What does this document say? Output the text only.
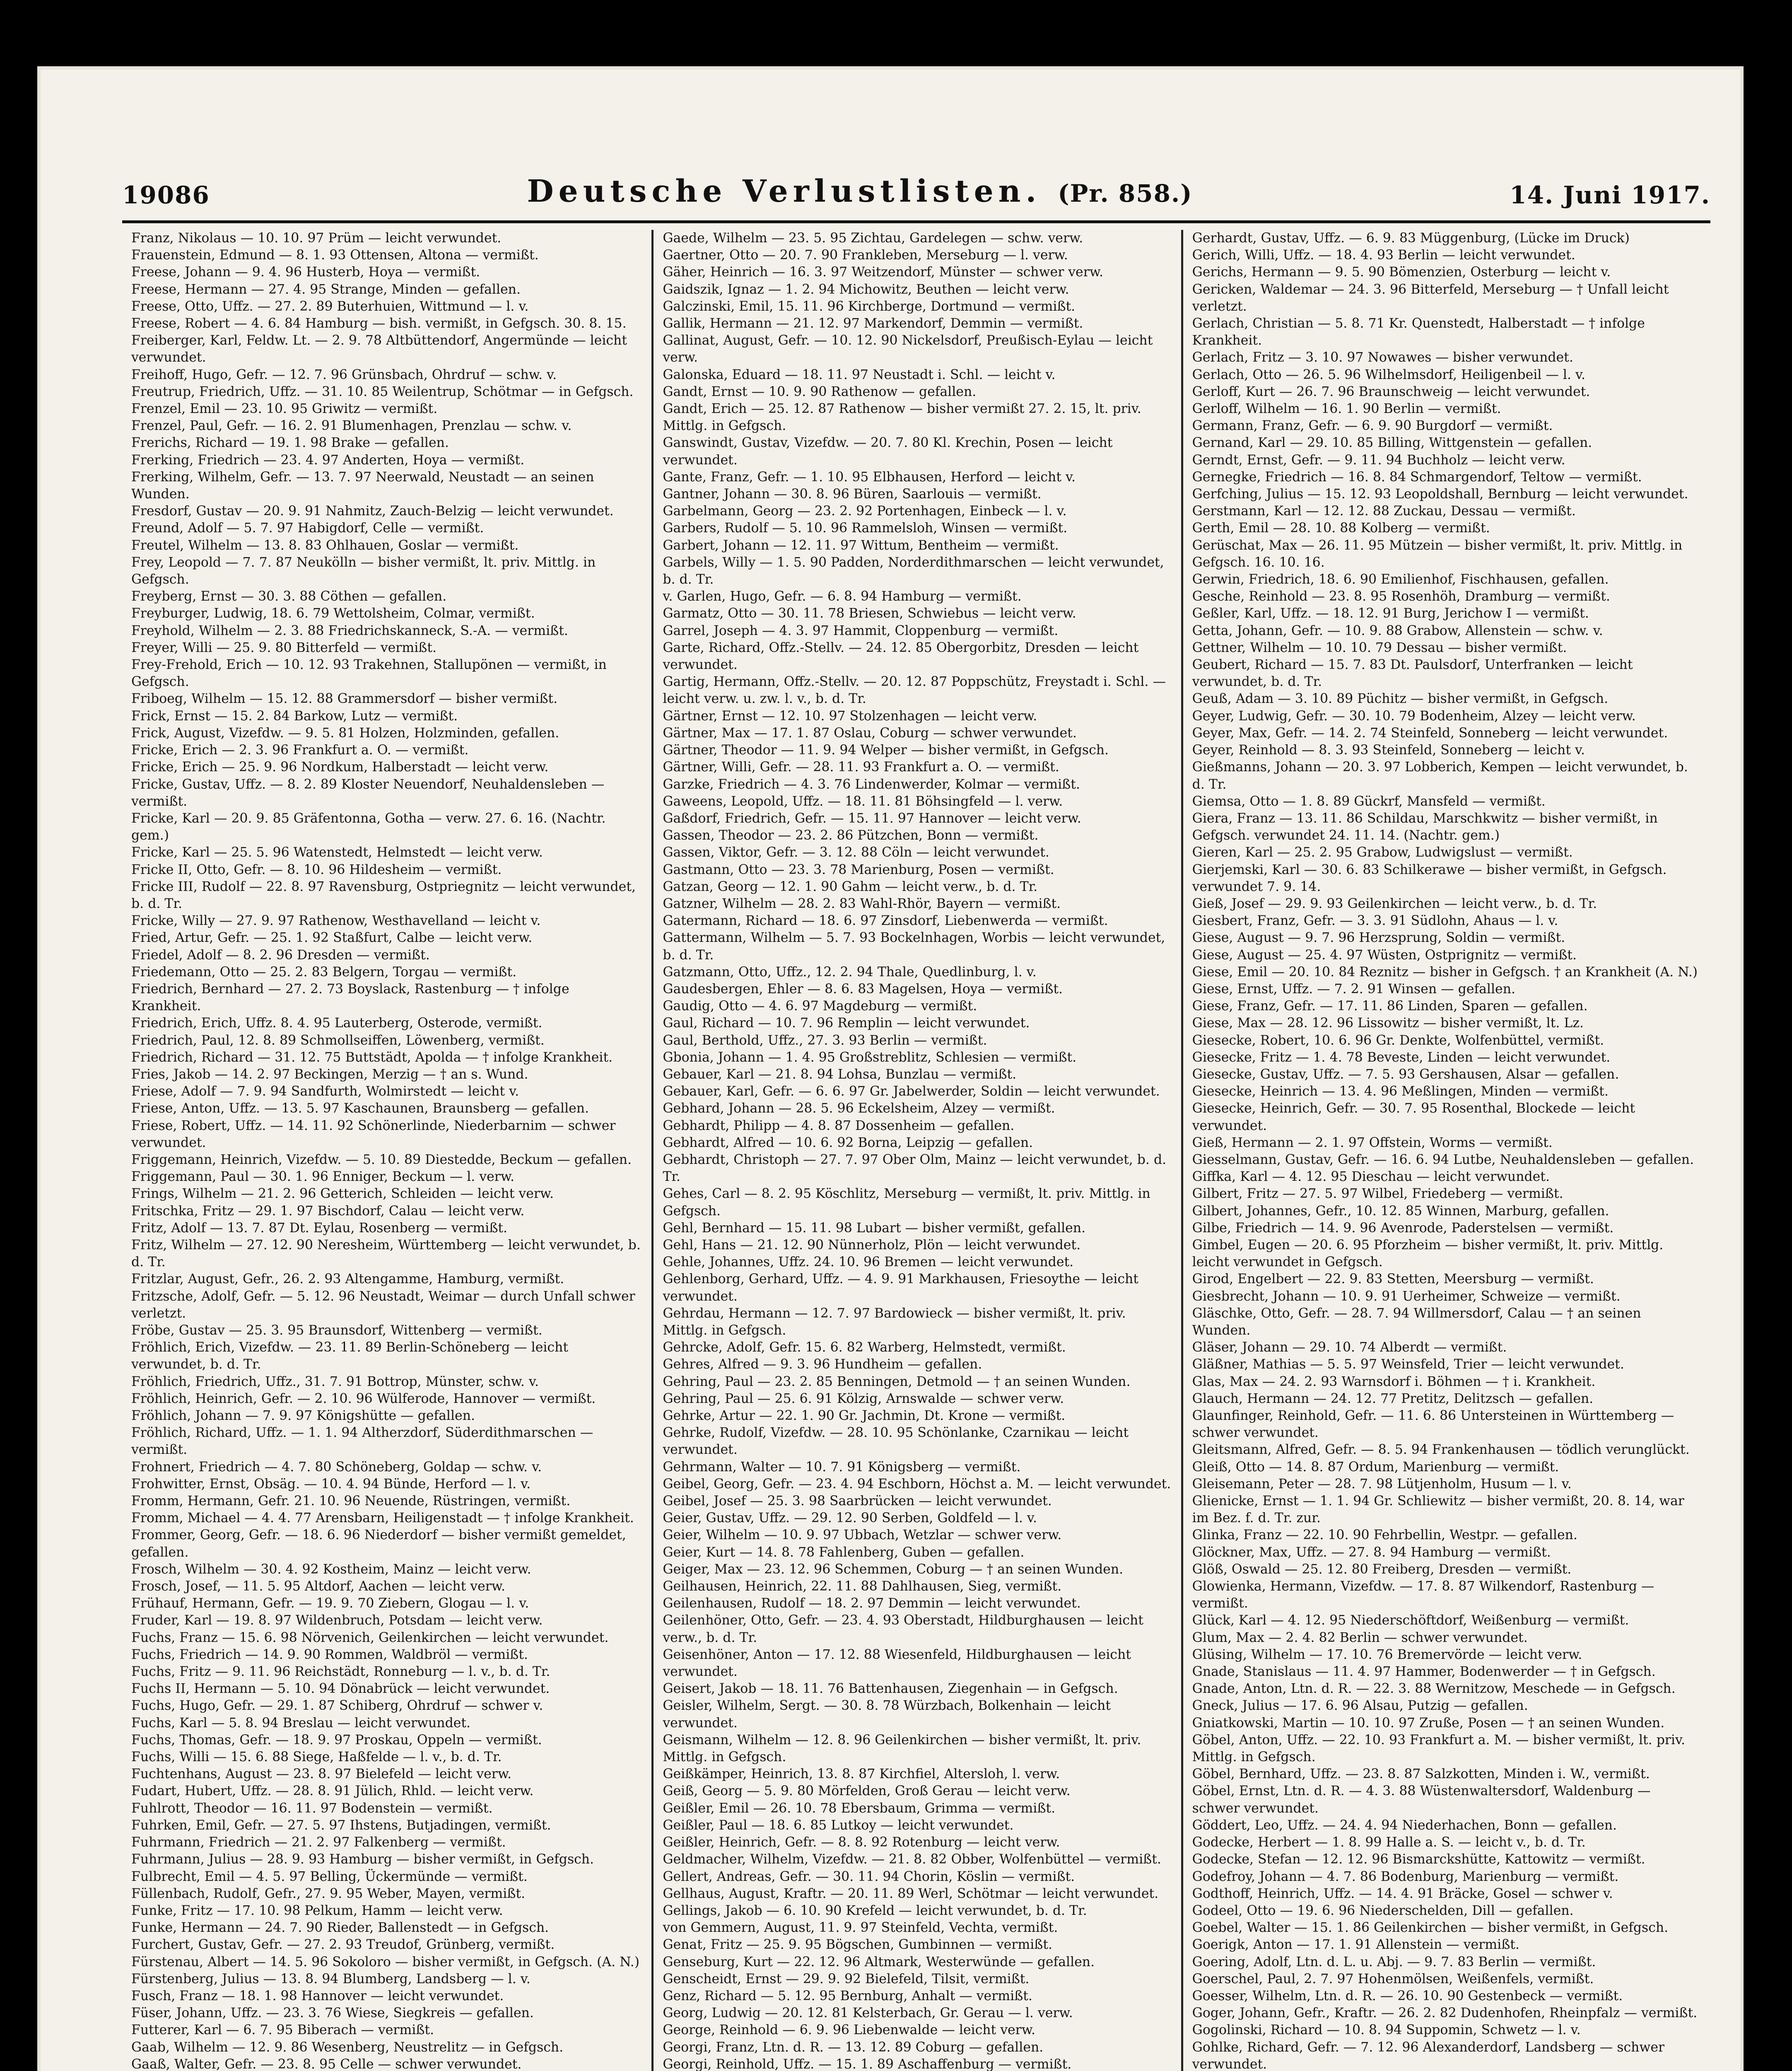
19086	Deutsche Verlustlisten. (Pr. 858.)	14. Juni 1917.
Franz, Nikolaus — 10. 10. 97 Prüm — leicht verwundet.
Frauenstein, Edmund — 8. 1. 93 Ottensen, Altona — vermißt.
Freese, Johann — 9. 4. 96 Husterb, Hoya — vermißt.
Freese, Hermann — 27. 4. 95 Strange, Minden — gefallen.
Freese, Otto, Uffz. — 27. 2. 89 Buterhuien, Wittmund — l. v.
Freese, Robert — 4. 6. 84 Hamburg — bish. vermißt, in Gefgsch. 30. 8. 15.
Freiberger, Karl, Feldw. Lt. — 2. 9. 78 Altbüttendorf, Angermünde — leicht verwundet.
Freihoff, Hugo, Gefr. — 12. 7. 96 Grünsbach, Ohrdruf — schw. v.
Freutrup, Friedrich, Uffz. — 31. 10. 85 Weilentrup, Schötmar — in Gefgsch.
Frenzel, Emil — 23. 10. 95 Griwitz — vermißt.
Frenzel, Paul, Gefr. — 16. 2. 91 Blumenhagen, Prenzlau — schw. v.
Frerichs, Richard — 19. 1. 98 Brake — gefallen.
Frerking, Friedrich — 23. 4. 97 Anderten, Hoya — vermißt.
Frerking, Wilhelm, Gefr. — 13. 7. 97 Neerwald, Neustadt — an seinen Wunden.
Fresdorf, Gustav — 20. 9. 91 Nahmitz, Zauch-Belzig — leicht verwundet.
Freund, Adolf — 5. 7. 97 Habigdorf, Celle — vermißt.
Freutel, Wilhelm — 13. 8. 83 Ohlhauen, Goslar — vermißt.
Frey, Leopold — 7. 7. 87 Neukölln — bisher vermißt, lt. priv. Mittlg. in Gefgsch.
Freyberg, Ernst — 30. 3. 88 Cöthen — gefallen.
Freyburger, Ludwig, 18. 6. 79 Wettolsheim, Colmar, vermißt.
Freyhold, Wilhelm — 2. 3. 88 Friedrichskanneck, S.-A. — vermißt.
Freyer, Willi — 25. 9. 80 Bitterfeld — vermißt.
Frey-Frehold, Erich — 10. 12. 93 Trakehnen, Stallupönen — vermißt, in Gefgsch.
Friboeg, Wilhelm — 15. 12. 88 Grammersdorf — bisher vermißt.
Frick, Ernst — 15. 2. 84 Barkow, Lutz — vermißt.
Frick, August, Vizefdw. — 9. 5. 81 Holzen, Holzminden, gefallen.
Fricke, Erich — 2. 3. 96 Frankfurt a. O. — vermißt.
Fricke, Erich — 25. 9. 96 Nordkum, Halberstadt — leicht verw.
Fricke, Gustav, Uffz. — 8. 2. 89 Kloster Neuendorf, Neuhaldensleben — vermißt.
Fricke, Karl — 20. 9. 85 Gräfentonna, Gotha — verw. 27. 6. 16. (Nachtr. gem.)
Fricke, Karl — 25. 5. 96 Watenstedt, Helmstedt — leicht verw.
Fricke II, Otto, Gefr. — 8. 10. 96 Hildesheim — vermißt.
Fricke III, Rudolf — 22. 8. 97 Ravensburg, Ostpriegnitz — leicht verwundet, b. d. Tr.
Fricke, Willy — 27. 9. 97 Rathenow, Westhavelland — leicht v.
Fried, Artur, Gefr. — 25. 1. 92 Staßfurt, Calbe — leicht verw.
Friedel, Adolf — 8. 2. 96 Dresden — vermißt.
Friedemann, Otto — 25. 2. 83 Belgern, Torgau — vermißt.
Friedrich, Bernhard — 27. 2. 73 Boyslack, Rastenburg — † infolge Krankheit.
Friedrich, Erich, Uffz. 8. 4. 95 Lauterberg, Osterode, vermißt.
Friedrich, Paul, 12. 8. 89 Schmollseiffen, Löwenberg, vermißt.
Friedrich, Richard — 31. 12. 75 Buttstädt, Apolda — † infolge Krankheit.
Fries, Jakob — 14. 2. 97 Beckingen, Merzig — † an s. Wund.
Friese, Adolf — 7. 9. 94 Sandfurth, Wolmirstedt — leicht v.
Friese, Anton, Uffz. — 13. 5. 97 Kaschaunen, Braunsberg — gefallen.
Friese, Robert, Uffz. — 14. 11. 92 Schönerlinde, Niederbarnim — schwer verwundet.
Friggemann, Heinrich, Vizefdw. — 5. 10. 89 Diestedde, Beckum — gefallen.
Friggemann, Paul — 30. 1. 96 Enniger, Beckum — l. verw.
Frings, Wilhelm — 21. 2. 96 Getterich, Schleiden — leicht verw.
Fritschka, Fritz — 29. 1. 97 Bischdorf, Calau — leicht verw.
Fritz, Adolf — 13. 7. 87 Dt. Eylau, Rosenberg — vermißt.
Fritz, Wilhelm — 27. 12. 90 Neresheim, Württemberg — leicht verwundet, b. d. Tr.
Fritzlar, August, Gefr., 26. 2. 93 Altengamme, Hamburg, vermißt.
Fritzsche, Adolf, Gefr. — 5. 12. 96 Neustadt, Weimar — durch Unfall schwer verletzt.
Fröbe, Gustav — 25. 3. 95 Braunsdorf, Wittenberg — vermißt.
Fröhlich, Erich, Vizefdw. — 23. 11. 89 Berlin-Schöneberg — leicht verwundet, b. d. Tr.
Fröhlich, Friedrich, Uffz., 31. 7. 91 Bottrop, Münster, schw. v.
Fröhlich, Heinrich, Gefr. — 2. 10. 96 Wülferode, Hannover — vermißt.
Fröhlich, Johann — 7. 9. 97 Königshütte — gefallen.
Fröhlich, Richard, Uffz. — 1. 1. 94 Altherzdorf, Süderdithmarschen — vermißt.
Frohnert, Friedrich — 4. 7. 80 Schöneberg, Goldap — schw. v.
Frohwitter, Ernst, Obsäg. — 10. 4. 94 Bünde, Herford — l. v.
Fromm, Hermann, Gefr. 21. 10. 96 Neuende, Rüstringen, vermißt.
Fromm, Michael — 4. 4. 77 Arensbarn, Heiligenstadt — † infolge Krankheit.
Frommer, Georg, Gefr. — 18. 6. 96 Niederdorf — bisher vermißt gemeldet, gefallen.
Frosch, Wilhelm — 30. 4. 92 Kostheim, Mainz — leicht verw.
Frosch, Josef, — 11. 5. 95 Altdorf, Aachen — leicht verw.
Frühauf, Hermann, Gefr. — 19. 9. 70 Ziebern, Glogau — l. v.
Fruder, Karl — 19. 8. 97 Wildenbruch, Potsdam — leicht verw.
Fuchs, Franz — 15. 6. 98 Nörvenich, Geilenkirchen — leicht verwundet.
Fuchs, Friedrich — 14. 9. 90 Rommen, Waldbröl — vermißt.
Fuchs, Fritz — 9. 11. 96 Reichstädt, Ronneburg — l. v., b. d. Tr.
Fuchs II, Hermann — 5. 10. 94 Dönabrück — leicht verwundet.
Fuchs, Hugo, Gefr. — 29. 1. 87 Schiberg, Ohrdruf — schwer v.
Fuchs, Karl — 5. 8. 94 Breslau — leicht verwundet.
Fuchs, Thomas, Gefr. — 18. 9. 97 Proskau, Oppeln — vermißt.
Fuchs, Willi — 15. 6. 88 Siege, Haßfelde — l. v., b. d. Tr.
Fuchtenhans, August — 23. 8. 97 Bielefeld — leicht verw.
Fudart, Hubert, Uffz. — 28. 8. 91 Jülich, Rhld. — leicht verw.
Fuhlrott, Theodor — 16. 11. 97 Bodenstein — vermißt.
Fuhrken, Emil, Gefr. — 27. 5. 97 Ihstens, Butjadingen, vermißt.
Fuhrmann, Friedrich — 21. 2. 97 Falkenberg — vermißt.
Fuhrmann, Julius — 28. 9. 93 Hamburg — bisher vermißt, in Gefgsch.
Fulbrecht, Emil — 4. 5. 97 Belling, Ückermünde — vermißt.
Füllenbach, Rudolf, Gefr., 27. 9. 95 Weber, Mayen, vermißt.
Funke, Fritz — 17. 10. 98 Pelkum, Hamm — leicht verw.
Funke, Hermann — 24. 7. 90 Rieder, Ballenstedt — in Gefgsch.
Furchert, Gustav, Gefr. — 27. 2. 93 Treudof, Grünberg, vermißt.
Fürstenau, Albert — 14. 5. 96 Sokoloro — bisher vermißt, in Gefgsch. (A. N.)
Fürstenberg, Julius — 13. 8. 94 Blumberg, Landsberg — l. v.
Fusch, Franz — 18. 1. 98 Hannover — leicht verwundet.
Füser, Johann, Uffz. — 23. 3. 76 Wiese, Siegkreis — gefallen.
Futterer, Karl — 6. 7. 95 Biberach — vermißt.
Gaab, Wilhelm — 12. 9. 86 Wesenberg, Neustrelitz — in Gefgsch.
Gaaß, Walter, Gefr. — 23. 8. 95 Celle — schwer verwundet.
Gaede, Wilhelm — 23. 5. 95 Zichtau, Gardelegen — schw. verw.
Gaertner, Otto — 20. 7. 90 Frankleben, Merseburg — l. verw.
Gäher, Heinrich — 16. 3. 97 Weitzendorf, Münster — schwer verw.
Gaidszik, Ignaz — 1. 2. 94 Michowitz, Beuthen — leicht verw.
Galczinski, Emil, 15. 11. 96 Kirchberge, Dortmund — vermißt.
Gallik, Hermann — 21. 12. 97 Markendorf, Demmin — vermißt.
Gallinat, August, Gefr. — 10. 12. 90 Nickelsdorf, Preußisch-Eylau — leicht verw.
Galonska, Eduard — 18. 11. 97 Neustadt i. Schl. — leicht v.
Gandt, Ernst — 10. 9. 90 Rathenow — gefallen.
Gandt, Erich — 25. 12. 87 Rathenow — bisher vermißt 27. 2. 15, lt. priv. Mittlg. in Gefgsch.
Ganswindt, Gustav, Vizefdw. — 20. 7. 80 Kl. Krechin, Posen — leicht verwundet.
Gante, Franz, Gefr. — 1. 10. 95 Elbhausen, Herford — leicht v.
Gantner, Johann — 30. 8. 96 Büren, Saarlouis — vermißt.
Garbelmann, Georg — 23. 2. 92 Portenhagen, Einbeck — l. v.
Garbers, Rudolf — 5. 10. 96 Rammelsloh, Winsen — vermißt.
Garbert, Johann — 12. 11. 97 Wittum, Bentheim — vermißt.
Garbels, Willy — 1. 5. 90 Padden, Norderdithmarschen — leicht verwundet, b. d. Tr.
v. Garlen, Hugo, Gefr. — 6. 8. 94 Hamburg — vermißt.
Garmatz, Otto — 30. 11. 78 Briesen, Schwiebus — leicht verw.
Garrel, Joseph — 4. 3. 97 Hammit, Cloppenburg — vermißt.
Garte, Richard, Offz.-Stellv. — 24. 12. 85 Obergorbitz, Dresden — leicht verwundet.
Gartig, Hermann, Offz.-Stellv. — 20. 12. 87 Poppschütz, Freystadt i. Schl. — leicht verw. u. zw. l. v., b. d. Tr.
Gärtner, Ernst — 12. 10. 97 Stolzenhagen — leicht verw.
Gärtner, Max — 17. 1. 87 Oslau, Coburg — schwer verwundet.
Gärtner, Theodor — 11. 9. 94 Welper — bisher vermißt, in Gefgsch.
Gärtner, Willi, Gefr. — 28. 11. 93 Frankfurt a. O. — vermißt.
Garzke, Friedrich — 4. 3. 76 Lindenwerder, Kolmar — vermißt.
Gaweens, Leopold, Uffz. — 18. 11. 81 Böhsingfeld — l. verw.
Gaßdorf, Friedrich, Gefr. — 15. 11. 97 Hannover — leicht verw.
Gassen, Theodor — 23. 2. 86 Pützchen, Bonn — vermißt.
Gassen, Viktor, Gefr. — 3. 12. 88 Cöln — leicht verwundet.
Gastmann, Otto — 23. 3. 78 Marienburg, Posen — vermißt.
Gatzan, Georg — 12. 1. 90 Gahm — leicht verw., b. d. Tr.
Gatzner, Wilhelm — 28. 2. 83 Wahl-Rhör, Bayern — vermißt.
Gatermann, Richard — 18. 6. 97 Zinsdorf, Liebenwerda — vermißt.
Gattermann, Wilhelm — 5. 7. 93 Bockelnhagen, Worbis — leicht verwundet, b. d. Tr.
Gatzmann, Otto, Uffz., 12. 2. 94 Thale, Quedlinburg, l. v.
Gaudesbergen, Ehler — 8. 6. 83 Magelsen, Hoya — vermißt.
Gaudig, Otto — 4. 6. 97 Magdeburg — vermißt.
Gaul, Richard — 10. 7. 96 Remplin — leicht verwundet.
Gaul, Berthold, Uffz., 27. 3. 93 Berlin — vermißt.
Gbonia, Johann — 1. 4. 95 Großstreblitz, Schlesien — vermißt.
Gebauer, Karl — 21. 8. 94 Lohsa, Bunzlau — vermißt.
Gebauer, Karl, Gefr. — 6. 6. 97 Gr. Jabelwerder, Soldin — leicht verwundet.
Gebhard, Johann — 28. 5. 96 Eckelsheim, Alzey — vermißt.
Gebhardt, Philipp — 4. 8. 87 Dossenheim — gefallen.
Gebhardt, Alfred — 10. 6. 92 Borna, Leipzig — gefallen.
Gebhardt, Christoph — 27. 7. 97 Ober Olm, Mainz — leicht verwundet, b. d. Tr.
Gehes, Carl — 8. 2. 95 Köschlitz, Merseburg — vermißt, lt. priv. Mittlg. in Gefgsch.
Gehl, Bernhard — 15. 11. 98 Lubart — bisher vermißt, gefallen.
Gehl, Hans — 21. 12. 90 Nünnerholz, Plön — leicht verwundet.
Gehle, Johannes, Uffz. 24. 10. 96 Bremen — leicht verwundet.
Gehlenborg, Gerhard, Uffz. — 4. 9. 91 Markhausen, Friesoythe — leicht verwundet.
Gehrdau, Hermann — 12. 7. 97 Bardowieck — bisher vermißt, lt. priv. Mittlg. in Gefgsch.
Gehrcke, Adolf, Gefr. 15. 6. 82 Warberg, Helmstedt, vermißt.
Gehres, Alfred — 9. 3. 96 Hundheim — gefallen.
Gehring, Paul — 23. 2. 85 Benningen, Detmold — † an seinen Wunden.
Gehring, Paul — 25. 6. 91 Kölzig, Arnswalde — schwer verw.
Gehrke, Artur — 22. 1. 90 Gr. Jachmin, Dt. Krone — vermißt.
Gehrke, Rudolf, Vizefdw. — 28. 10. 95 Schönlanke, Czarnikau — leicht verwundet.
Gehrmann, Walter — 10. 7. 91 Königsberg — vermißt.
Geibel, Georg, Gefr. — 23. 4. 94 Eschborn, Höchst a. M. — leicht verwundet.
Geibel, Josef — 25. 3. 98 Saarbrücken — leicht verwundet.
Geier, Gustav, Uffz. — 29. 12. 90 Serben, Goldfeld — l. v.
Geier, Wilhelm — 10. 9. 97 Ubbach, Wetzlar — schwer verw.
Geier, Kurt — 14. 8. 78 Fahlenberg, Guben — gefallen.
Geiger, Max — 23. 12. 96 Schemmen, Coburg — † an seinen Wunden.
Geilhausen, Heinrich, 22. 11. 88 Dahlhausen, Sieg, vermißt.
Geilenhausen, Rudolf — 18. 2. 97 Demmin — leicht verwundet.
Geilenhöner, Otto, Gefr. — 23. 4. 93 Oberstadt, Hildburghausen — leicht verw., b. d. Tr.
Geisenhöner, Anton — 17. 12. 88 Wiesenfeld, Hildburghausen — leicht verwundet.
Geisert, Jakob — 18. 11. 76 Battenhausen, Ziegenhain — in Gefgsch.
Geisler, Wilhelm, Sergt. — 30. 8. 78 Würzbach, Bolkenhain — leicht verwundet.
Geismann, Wilhelm — 12. 8. 96 Geilenkirchen — bisher vermißt, lt. priv. Mittlg. in Gefgsch.
Geißkämper, Heinrich, 13. 8. 87 Kirchfiel, Altersloh, l. verw.
Geiß, Georg — 5. 9. 80 Mörfelden, Groß Gerau — leicht verw.
Geißler, Emil — 26. 10. 78 Ebersbaum, Grimma — vermißt.
Geißler, Paul — 18. 6. 85 Lutkoy — leicht verwundet.
Geißler, Heinrich, Gefr. — 8. 8. 92 Rotenburg — leicht verw.
Geldmacher, Wilhelm, Vizefdw. — 21. 8. 82 Obber, Wolfenbüttel — vermißt.
Gellert, Andreas, Gefr. — 30. 11. 94 Chorin, Köslin — vermißt.
Gellhaus, August, Kraftr. — 20. 11. 89 Werl, Schötmar — leicht verwundet.
Gellings, Jakob — 6. 10. 90 Krefeld — leicht verwundet, b. d. Tr.
von Gemmern, August, 11. 9. 97 Steinfeld, Vechta, vermißt.
Genat, Fritz — 25. 9. 95 Bögschen, Gumbinnen — vermißt.
Genseburg, Kurt — 22. 12. 96 Altmark, Westerwünde — gefallen.
Genscheidt, Ernst — 29. 9. 92 Bielefeld, Tilsit, vermißt.
Genz, Richard — 5. 12. 95 Bernburg, Anhalt — vermißt.
Georg, Ludwig — 20. 12. 81 Kelsterbach, Gr. Gerau — l. verw.
George, Reinhold — 6. 9. 96 Liebenwalde — leicht verw.
Georgi, Franz, Ltn. d. R. — 13. 12. 89 Coburg — gefallen.
Georgi, Reinhold, Uffz. — 15. 1. 89 Aschaffenburg — vermißt.
Gerhardt, Gustav, Uffz. — 6. 9. 83 Müggenburg, (Lücke im Druck)
Gerich, Willi, Uffz. — 18. 4. 93 Berlin — leicht verwundet.
Gerichs, Hermann — 9. 5. 90 Bömenzien, Osterburg — leicht v.
Gericken, Waldemar — 24. 3. 96 Bitterfeld, Merseburg — † Unfall leicht verletzt.
Gerlach, Christian — 5. 8. 71 Kr. Quenstedt, Halberstadt — † infolge Krankheit.
Gerlach, Fritz — 3. 10. 97 Nowawes — bisher verwundet.
Gerlach, Otto — 26. 5. 96 Wilhelmsdorf, Heiligenbeil — l. v.
Gerloff, Kurt — 26. 7. 96 Braunschweig — leicht verwundet.
Gerloff, Wilhelm — 16. 1. 90 Berlin — vermißt.
Germann, Franz, Gefr. — 6. 9. 90 Burgdorf — vermißt.
Gernand, Karl — 29. 10. 85 Billing, Wittgenstein — gefallen.
Gerndt, Ernst, Gefr. — 9. 11. 94 Buchholz — leicht verw.
Gernegke, Friedrich — 16. 8. 84 Schmargendorf, Teltow — vermißt.
Gerfching, Julius — 15. 12. 93 Leopoldshall, Bernburg — leicht verwundet.
Gerstmann, Karl — 12. 12. 88 Zuckau, Dessau — vermißt.
Gerth, Emil — 28. 10. 88 Kolberg — vermißt.
Gerüschat, Max — 26. 11. 95 Mützein — bisher vermißt, lt. priv. Mittlg. in Gefgsch. 16. 10. 16.
Gerwin, Friedrich, 18. 6. 90 Emilienhof, Fischhausen, gefallen.
Gesche, Reinhold — 23. 8. 95 Rosenhöh, Dramburg — vermißt.
Geßler, Karl, Uffz. — 18. 12. 91 Burg, Jerichow I — vermißt.
Getta, Johann, Gefr. — 10. 9. 88 Grabow, Allenstein — schw. v.
Gettner, Wilhelm — 10. 10. 79 Dessau — bisher vermißt.
Geubert, Richard — 15. 7. 83 Dt. Paulsdorf, Unterfranken — leicht verwundet, b. d. Tr.
Geuß, Adam — 3. 10. 89 Püchitz — bisher vermißt, in Gefgsch.
Geyer, Ludwig, Gefr. — 30. 10. 79 Bodenheim, Alzey — leicht verw.
Geyer, Max, Gefr. — 14. 2. 74 Steinfeld, Sonneberg — leicht verwundet.
Geyer, Reinhold — 8. 3. 93 Steinfeld, Sonneberg — leicht v.
Gießmanns, Johann — 20. 3. 97 Lobberich, Kempen — leicht verwundet, b. d. Tr.
Giemsa, Otto — 1. 8. 89 Gückrf, Mansfeld — vermißt.
Giera, Franz — 13. 11. 86 Schildau, Marschkwitz — bisher vermißt, in Gefgsch. verwundet 24. 11. 14. (Nachtr. gem.)
Gieren, Karl — 25. 2. 95 Grabow, Ludwigslust — vermißt.
Gierjemski, Karl — 30. 6. 83 Schilkerawe — bisher vermißt, in Gefgsch. verwundet 7. 9. 14.
Gieß, Josef — 29. 9. 93 Geilenkirchen — leicht verw., b. d. Tr.
Giesbert, Franz, Gefr. — 3. 3. 91 Südlohn, Ahaus — l. v.
Giese, August — 9. 7. 96 Herzsprung, Soldin — vermißt.
Giese, August — 25. 4. 97 Wüsten, Ostprignitz — vermißt.
Giese, Emil — 20. 10. 84 Reznitz — bisher in Gefgsch. † an Krankheit (A. N.)
Giese, Ernst, Uffz. — 7. 2. 91 Winsen — gefallen.
Giese, Franz, Gefr. — 17. 11. 86 Linden, Sparen — gefallen.
Giese, Max — 28. 12. 96 Lissowitz — bisher vermißt, lt. Lz.
Giesecke, Robert, 10. 6. 96 Gr. Denkte, Wolfenbüttel, vermißt.
Giesecke, Fritz — 1. 4. 78 Beveste, Linden — leicht verwundet.
Giesecke, Gustav, Uffz. — 7. 5. 93 Gershausen, Alsar — gefallen.
Giesecke, Heinrich — 13. 4. 96 Meßlingen, Minden — vermißt.
Giesecke, Heinrich, Gefr. — 30. 7. 95 Rosenthal, Blockede — leicht verwundet.
Gieß, Hermann — 2. 1. 97 Offstein, Worms — vermißt.
Giesselmann, Gustav, Gefr. — 16. 6. 94 Lutbe, Neuhaldensleben — gefallen.
Giffka, Karl — 4. 12. 95 Dieschau — leicht verwundet.
Gilbert, Fritz — 27. 5. 97 Wilbel, Friedeberg — vermißt.
Gilbert, Johannes, Gefr., 10. 12. 85 Winnen, Marburg, gefallen.
Gilbe, Friedrich — 14. 9. 96 Avenrode, Paderstelsen — vermißt.
Gimbel, Eugen — 20. 6. 95 Pforzheim — bisher vermißt, lt. priv. Mittlg. leicht verwundet in Gefgsch.
Girod, Engelbert — 22. 9. 83 Stetten, Meersburg — vermißt.
Giesbrecht, Johann — 10. 9. 91 Uerheimer, Schweize — vermißt.
Gläschke, Otto, Gefr. — 28. 7. 94 Willmersdorf, Calau — † an seinen Wunden.
Gläser, Johann — 29. 10. 74 Alberdt — vermißt.
Gläßner, Mathias — 5. 5. 97 Weinsfeld, Trier — leicht verwundet.
Glas, Max — 24. 2. 93 Warnsdorf i. Böhmen — † i. Krankheit.
Glauch, Hermann — 24. 12. 77 Pretitz, Delitzsch — gefallen.
Glaunfinger, Reinhold, Gefr. — 11. 6. 86 Untersteinen in Württemberg — schwer verwundet.
Gleitsmann, Alfred, Gefr. — 8. 5. 94 Frankenhausen — tödlich verunglückt.
Gleiß, Otto — 14. 8. 87 Ordum, Marienburg — vermißt.
Gleisemann, Peter — 28. 7. 98 Lütjenholm, Husum — l. v.
Glienicke, Ernst — 1. 1. 94 Gr. Schliewitz — bisher vermißt, 20. 8. 14, war im Bez. f. d. Tr. zur.
Glinka, Franz — 22. 10. 90 Fehrbellin, Westpr. — gefallen.
Glöckner, Max, Uffz. — 27. 8. 94 Hamburg — vermißt.
Glöß, Oswald — 25. 12. 80 Freiberg, Dresden — vermißt.
Glowienka, Hermann, Vizefdw. — 17. 8. 87 Wilkendorf, Rastenburg — vermißt.
Glück, Karl — 4. 12. 95 Niederschöftdorf, Weißenburg — vermißt.
Glum, Max — 2. 4. 82 Berlin — schwer verwundet.
Glüsing, Wilhelm — 17. 10. 76 Bremervörde — leicht verw.
Gnade, Stanislaus — 11. 4. 97 Hammer, Bodenwerder — † in Gefgsch.
Gnade, Anton, Ltn. d. R. — 22. 3. 88 Wernitzow, Meschede — in Gefgsch.
Gneck, Julius — 17. 6. 96 Alsau, Putzig — gefallen.
Gniatkowski, Martin — 10. 10. 97 Zruße, Posen — † an seinen Wunden.
Göbel, Anton, Uffz. — 22. 10. 93 Frankfurt a. M. — bisher vermißt, lt. priv. Mittlg. in Gefgsch.
Göbel, Bernhard, Uffz. — 23. 8. 87 Salzkotten, Minden i. W., vermißt.
Göbel, Ernst, Ltn. d. R. — 4. 3. 88 Wüstenwaltersdorf, Waldenburg — schwer verwundet.
Göddert, Leo, Uffz. — 24. 4. 94 Niederhachen, Bonn — gefallen.
Godecke, Herbert — 1. 8. 99 Halle a. S. — leicht v., b. d. Tr.
Godecke, Stefan — 12. 12. 96 Bismarckshütte, Kattowitz — vermißt.
Godefroy, Johann — 4. 7. 86 Bodenburg, Marienburg — vermißt.
Godthoff, Heinrich, Uffz. — 14. 4. 91 Bräcke, Gosel — schwer v.
Godeel, Otto — 19. 6. 96 Niederschelden, Dill — gefallen.
Goebel, Walter — 15. 1. 86 Geilenkirchen — bisher vermißt, in Gefgsch.
Goerigk, Anton — 17. 1. 91 Allenstein — vermißt.
Goering, Adolf, Ltn. d. L. u. Abj. — 9. 7. 83 Berlin — vermißt.
Goerschel, Paul, 2. 7. 97 Hohenmölsen, Weißenfels, vermißt.
Goesser, Wilhelm, Ltn. d. R. — 26. 10. 90 Gestenbeck — vermißt.
Goger, Johann, Gefr., Kraftr. — 26. 2. 82 Dudenhofen, Rheinpfalz — vermißt.
Gogolinski, Richard — 10. 8. 94 Suppomin, Schwetz — l. v.
Gohlke, Richard, Gefr. — 7. 12. 96 Alexanderdorf, Landsberg — schwer verwundet.
